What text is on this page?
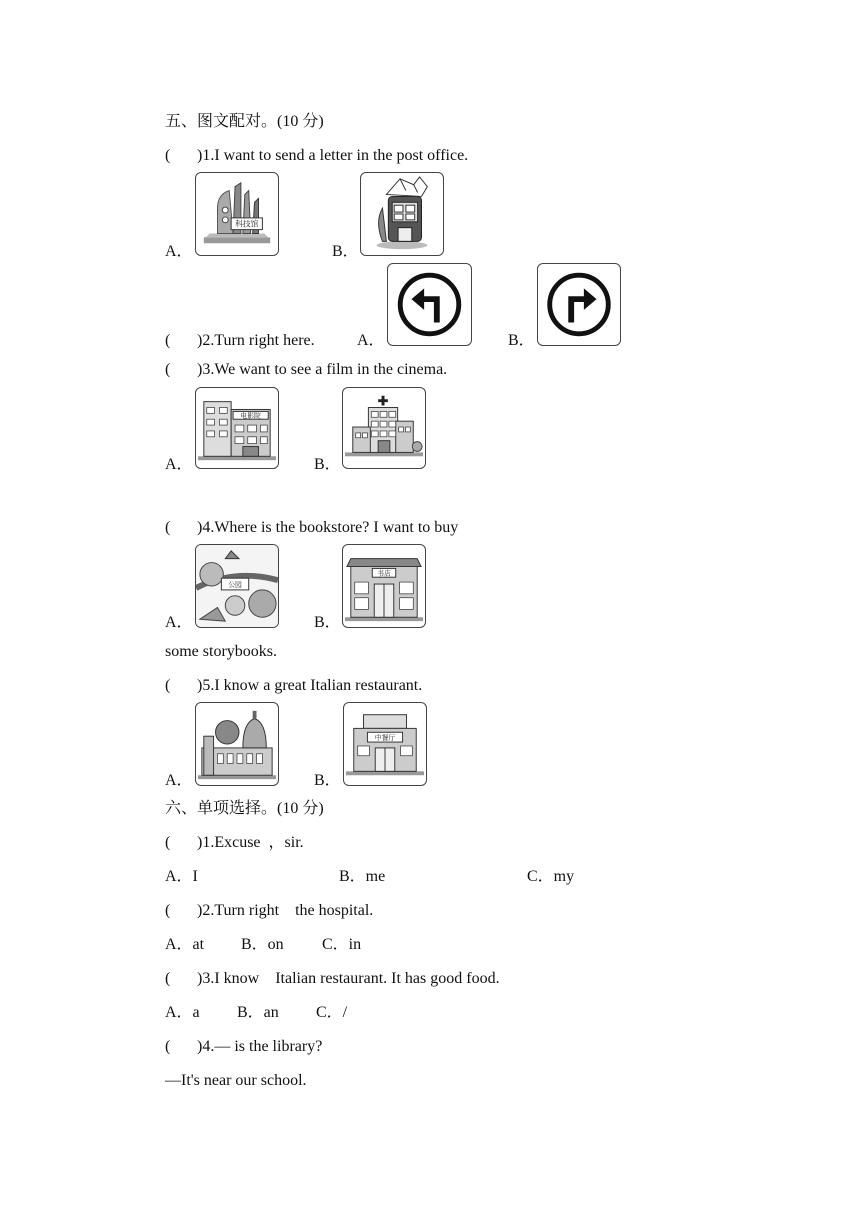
五、图文配对。(10 分)
( )1.I want to send a letter in the post office.
A．
科技馆
B．
( )2.Turn right here.	A．	B．
( )3.We want to see a film in the cinema.
A．
电影院
B．
( )4.Where is the bookstore? I want to buy
A．
公园
B．
书店
some storybooks.
( )5.I know a great Italian restaurant.
A．	B．
中餐厅
六、单项选择。(10 分)
( )1.Excuse  ，sir.
A．I	B．me	C．my
( )2.Turn right    the hospital.
A．at B．on C．in
( )3.I know    Italian restaurant. It has good food.
A．a B．an C．/
( )4.— is the library?
—It's near our school.
